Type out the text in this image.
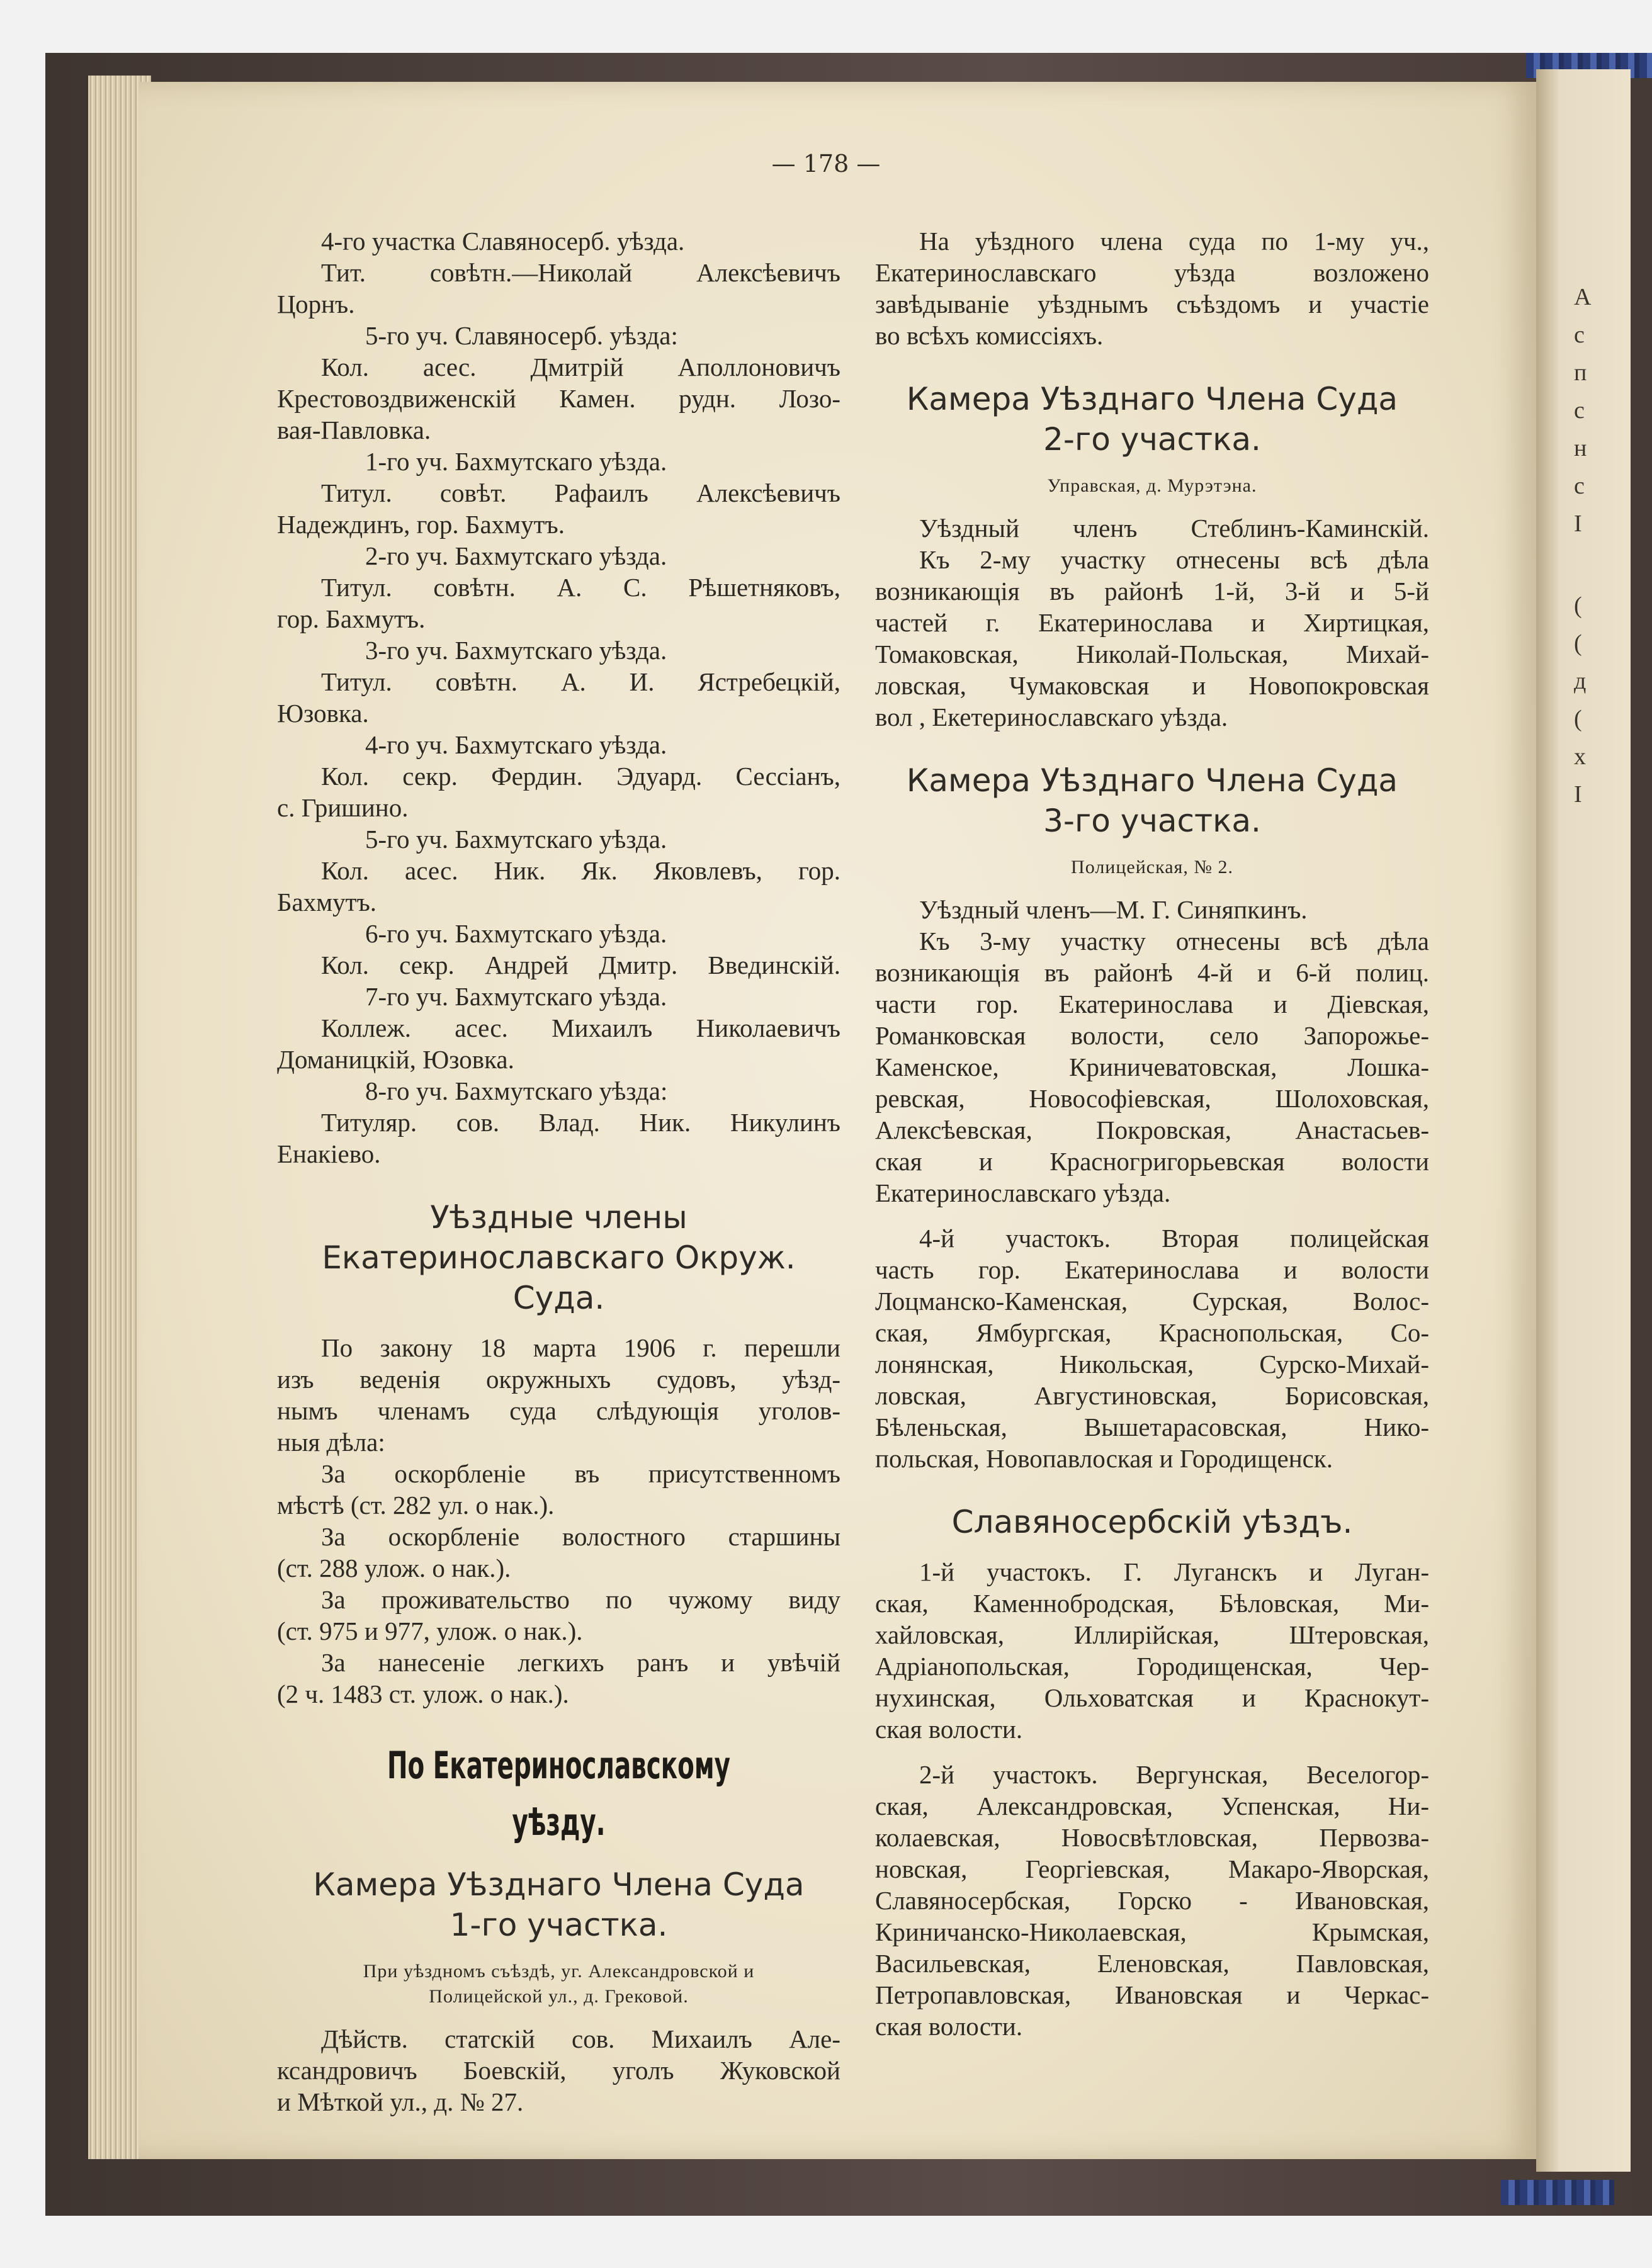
А
с
п
с
н
с
І
(
(
д
(
х
І
— 178 —
4-го участка Славяносерб. уѣзда.
Тит. совѣтн.—Николай Алексѣевичъ
Цорнъ.
5-го уч. Славяносерб. уѣзда:
Кол. асес. Дмитрій Аполлоновичъ
Крестовоздвиженскій Камен. рудн. Лозо-
вая-Павловка.
1-го уч. Бахмутскаго уѣзда.
Титул. совѣт. Рафаилъ Алексѣевичъ
Надеждинъ, гор. Бахмутъ.
2-го уч. Бахмутскаго уѣзда.
Титул. совѣтн. А. С. Рѣшетняковъ,
гор. Бахмутъ.
3-го уч. Бахмутскаго уѣзда.
Титул. совѣтн. А. И. Ястребецкій,
Юзовка.
4-го уч. Бахмутскаго уѣзда.
Кол. секр. Фердин. Эдуард. Сессіанъ,
с. Гришино.
5-го уч. Бахмутскаго уѣзда.
Кол. асес. Ник. Як. Яковлевъ, гор.
Бахмутъ.
6-го уч. Бахмутскаго уѣзда.
Кол. секр. Андрей Дмитр. Введинскій.
7-го уч. Бахмутскаго уѣзда.
Коллеж. асес. Михаилъ Николаевичъ
Доманицкій, Юзовка.
8-го уч. Бахмутскаго уѣзда:
Титуляр. сов. Влад. Ник. Никулинъ
Енакіево.
Уѣздные члены
Екатеринославскаго Окруж. Суда.
По закону 18 марта 1906 г. перешли
изъ веденія окружныхъ судовъ, уѣзд-
нымъ членамъ суда слѣдующія уголов-
ныя дѣла:
За оскорбленіе въ присутственномъ
мѣстѣ (ст. 282 ул. о нак.).
За оскорбленіе волостного старшины
(ст. 288 улож. о нак.).
За проживательство по чужому виду
(ст. 975 и 977, улож. о нак.).
За нанесеніе легкихъ ранъ и увѣчій
(2 ч. 1483 ст. улож. о нак.).
По Екатеринославскому уѣзду.
Камера Уѣзднаго Члена Суда
1-го участка.
При уѣздномъ съѣздѣ, уг. Александровской и
Полицейской ул., д. Грековой.
Дѣйств. статскій сов. Михаилъ Але-
ксандровичъ Боевскій, уголъ Жуковской
и Мѣткой ул., д. № 27.
На уѣздного члена суда по 1-му уч.,
Екатеринославскаго уѣзда возложено
завѣдываніе уѣзднымъ съѣздомъ и участіе
во всѣхъ комиссіяхъ.
Камера Уѣзднаго Члена Суда
2-го участка.
Управская, д. Мурэтэна.
Уѣздный членъ Стеблинъ-Каминскій.
Къ 2-му участку отнесены всѣ дѣла
возникающія въ районѣ 1-й, 3-й и 5-й
частей г. Екатеринослава и Хиртицкая,
Томаковская, Николай-Польская, Михай-
ловская, Чумаковская и Новопокровская
вол , Екетеринославскаго уѣзда.
Камера Уѣзднаго Члена Суда
3-го участка.
Полицейская, № 2.
Уѣздный членъ—М. Г. Синяпкинъ.
Къ 3-му участку отнесены всѣ дѣла
возникающія въ районѣ 4-й и 6-й полиц.
части гор. Екатеринослава и Діевская,
Романковская волости, село Запорожье-
Каменское, Криничеватовская, Лошка-
ревская, Новософіевская, Шолоховская,
Алексѣевская, Покровская, Анастасьев-
ская и Красногригорьевская волости
Екатеринославскаго уѣзда.
4-й участокъ. Вторая полицейская
часть гор. Екатеринослава и волости
Лоцманско-Каменская, Сурская, Волос-
ская, Ямбургская, Краснопольская, Со-
лонянская, Никольская, Сурско-Михай-
ловская, Августиновская, Борисовская,
Бѣленьская, Вышетарасовская, Нико-
польская, Новопавлоская и Городищенск.
Славяносербскій уѣздъ.
1-й участокъ. Г. Луганскъ и Луган-
ская, Каменнобродская, Бѣловская, Ми-
хайловская, Иллирійская, Штеровская,
Адріанопольская, Городищенская, Чер-
нухинская, Ольховатская и Краснокут-
ская волости.
2-й участокъ. Вергунская, Веселогор-
ская, Александровская, Успенская, Ни-
колаевская, Новосвѣтловская, Первозва-
новская, Георгіевская, Макаро-Яворская,
Славяносербская, Горско - Ивановская,
Криничанско-Николаевская, Крымская,
Васильевская, Еленовская, Павловская,
Петропавловская, Ивановская и Черкас-
ская волости.
